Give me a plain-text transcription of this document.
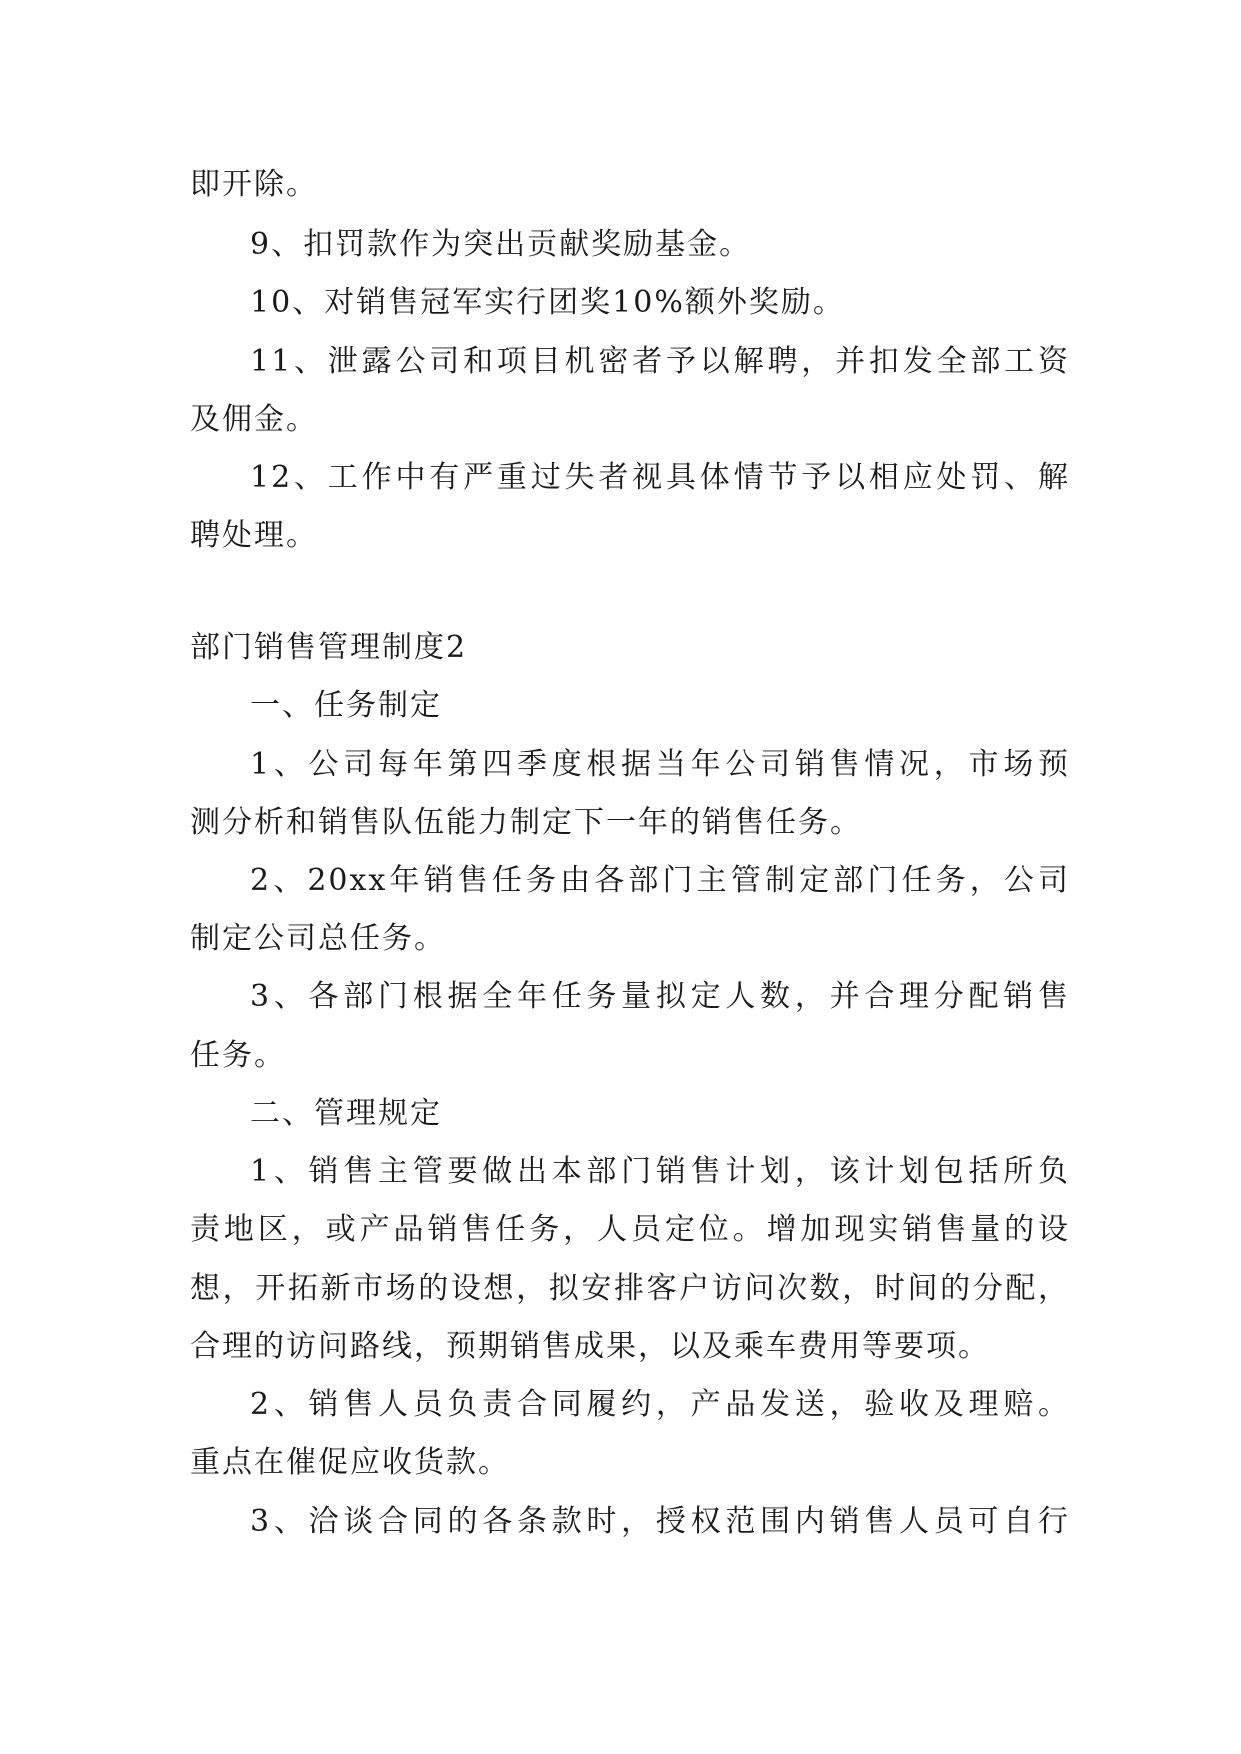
即开除。
9、扣罚款作为突出贡献奖励基金。
10、对销售冠军实行团奖10%额外奖励。
11、泄露公司和项目机密者予以解聘，并扣发全部工资
及佣金。
12、工作中有严重过失者视具体情节予以相应处罚、解
聘处理。
部门销售管理制度2
一、任务制定
1、公司每年第四季度根据当年公司销售情况，市场预
测分析和销售队伍能力制定下一年的销售任务。
2、20xx年销售任务由各部门主管制定部门任务，公司
制定公司总任务。
3、各部门根据全年任务量拟定人数，并合理分配销售
任务。
二、管理规定
1、销售主管要做出本部门销售计划，该计划包括所负
责地区，或产品销售任务，人员定位。增加现实销售量的设
想，开拓新市场的设想，拟安排客户访问次数，时间的分配，
合理的访问路线，预期销售成果，以及乘车费用等要项。
2、销售人员负责合同履约，产品发送，验收及理赔。
重点在催促应收货款。
3、洽谈合同的各条款时，授权范围内销售人员可自行
